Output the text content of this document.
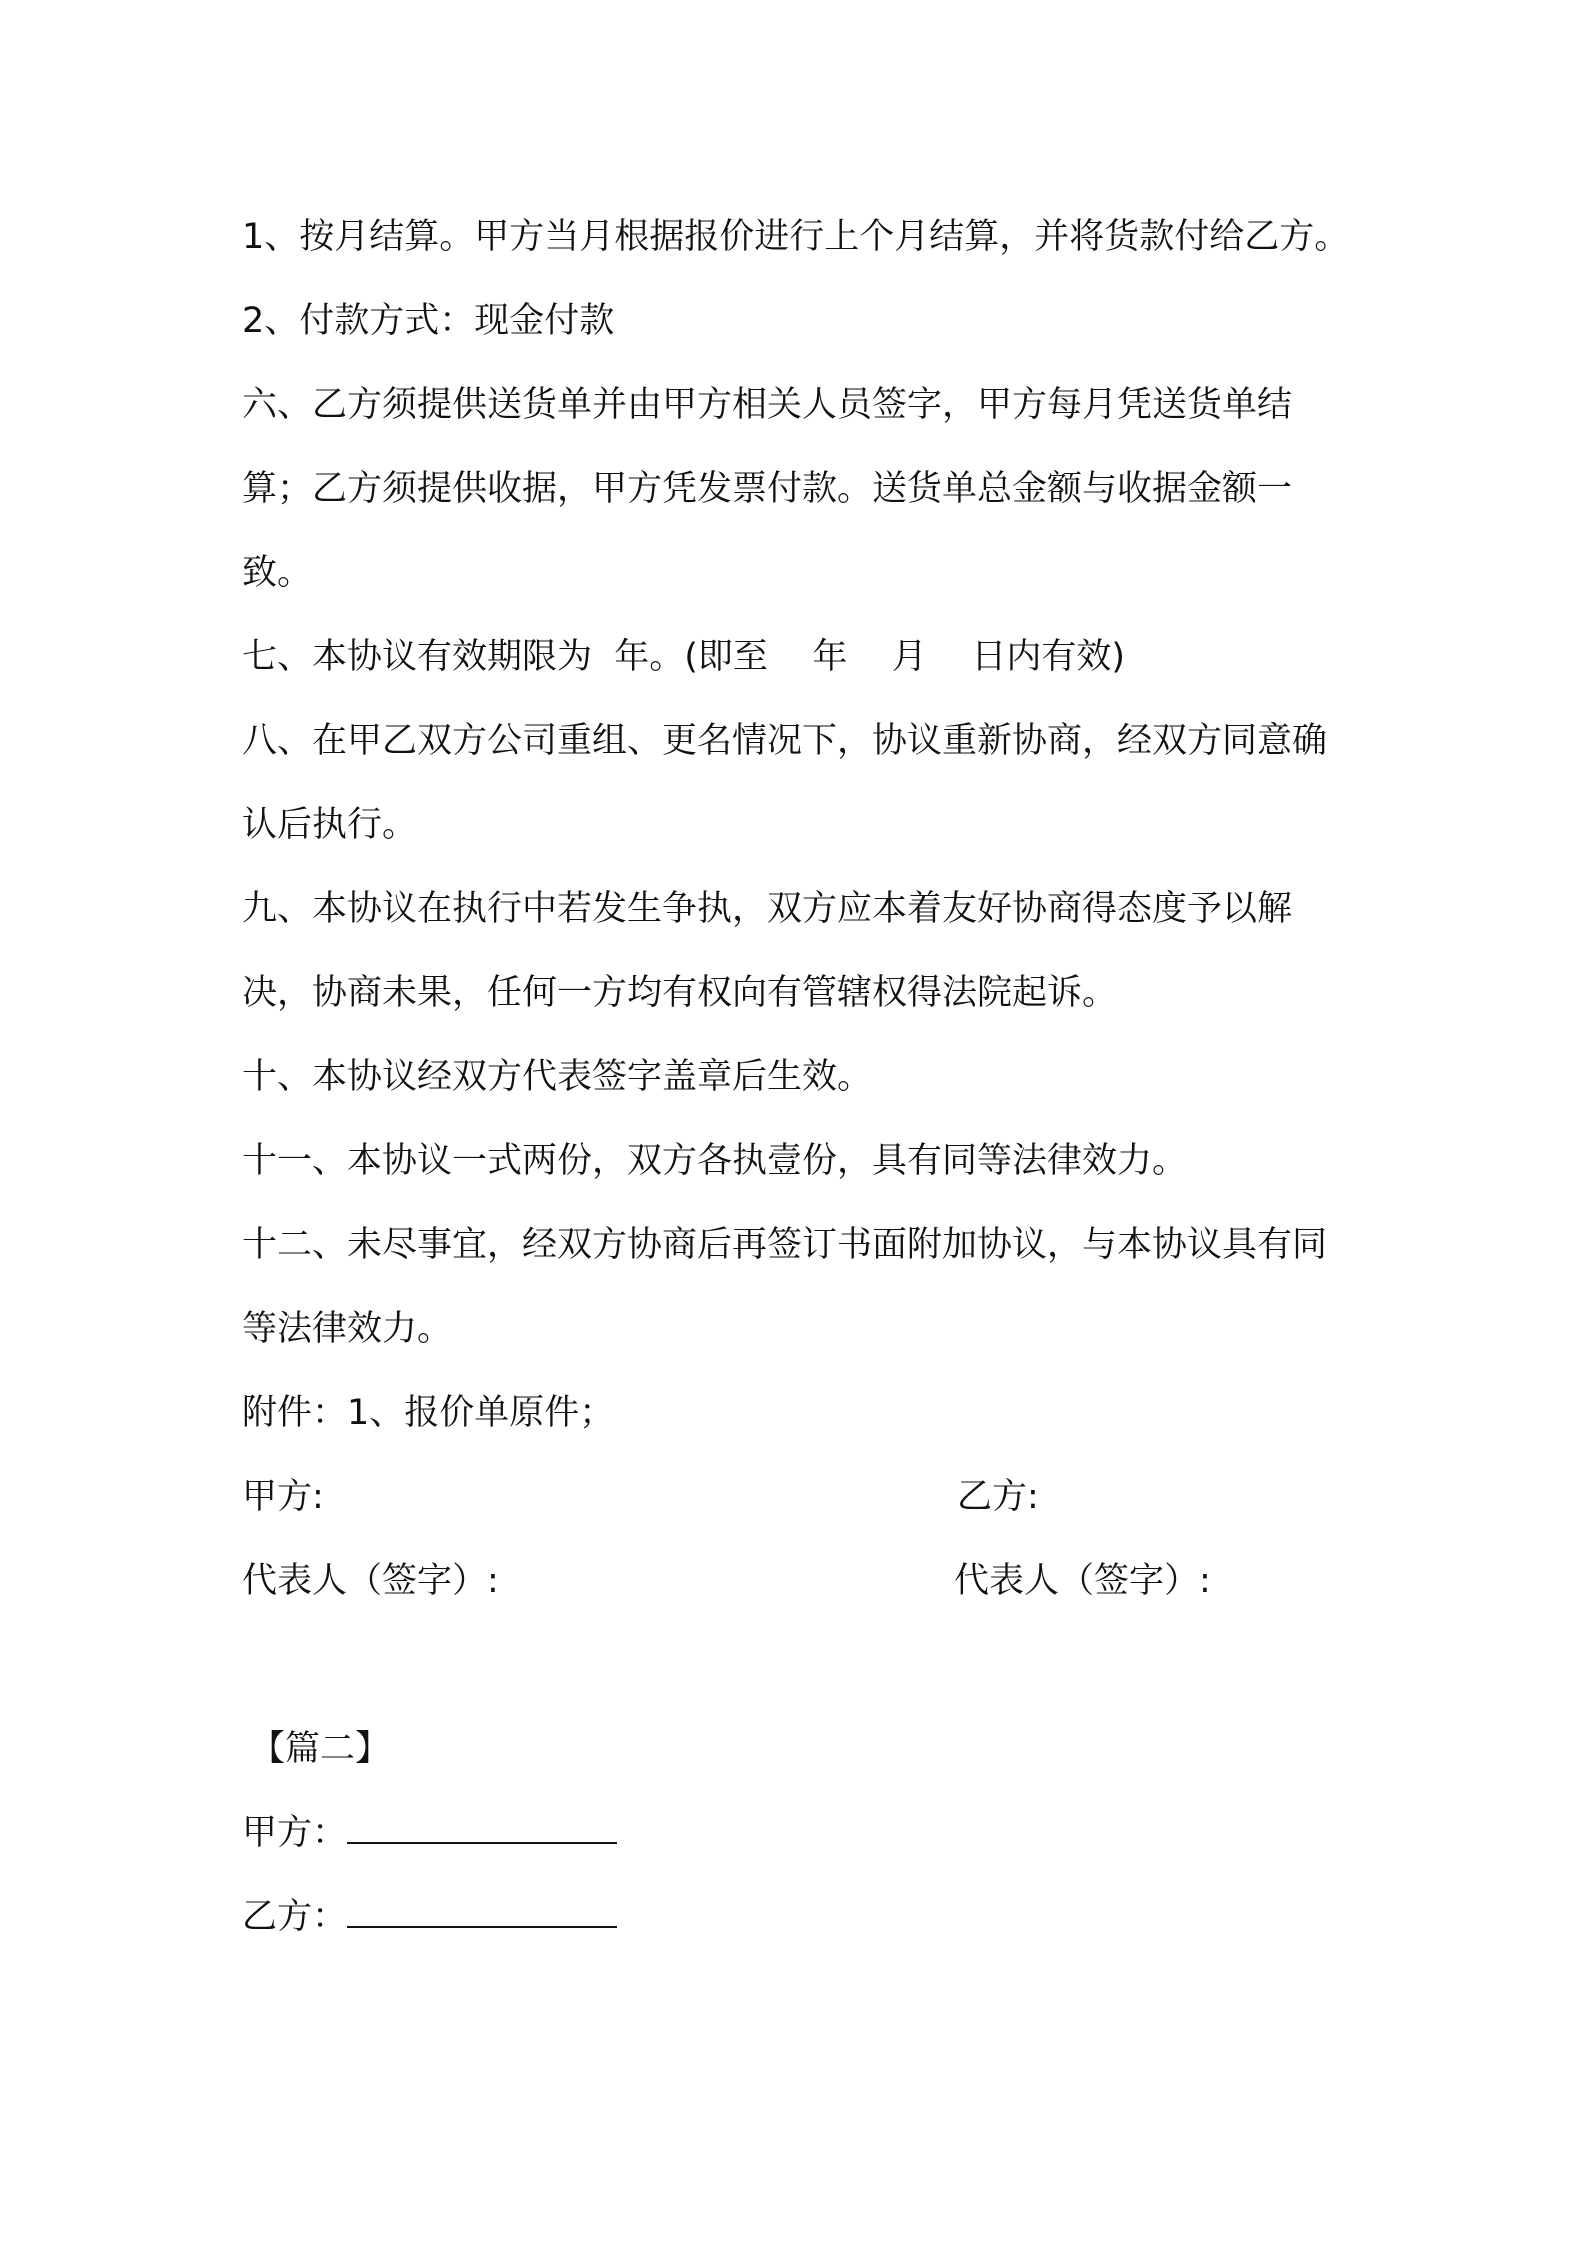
1、按月结算。甲方当月根据报价进行上个月结算，并将货款付给乙方。

2、付款方式：现金付款

六、乙方须提供送货单并由甲方相关人员签字，甲方每月凭送货单结算；乙方须提供收据，甲方凭发票付款。送货单总金额与收据金额一致。

七、本协议有效期限为  年。(即至    年    月    日内有效)

八、在甲乙双方公司重组、更名情况下，协议重新协商，经双方同意确认后执行。

九、本协议在执行中若发生争执，双方应本着友好协商得态度予以解决，协商未果，任何一方均有权向有管辖权得法院起诉。

十、本协议经双方代表签字盖章后生效。

十一、本协议一式两份，双方各执壹份，具有同等法律效力。

十二、未尽事宜，经双方协商后再签订书面附加协议，与本协议具有同等法律效力。

附件：1、报价单原件；

甲方:	乙方:
代表人（签字）:	代表人（签字）:

【篇二】

甲方：

乙方：
